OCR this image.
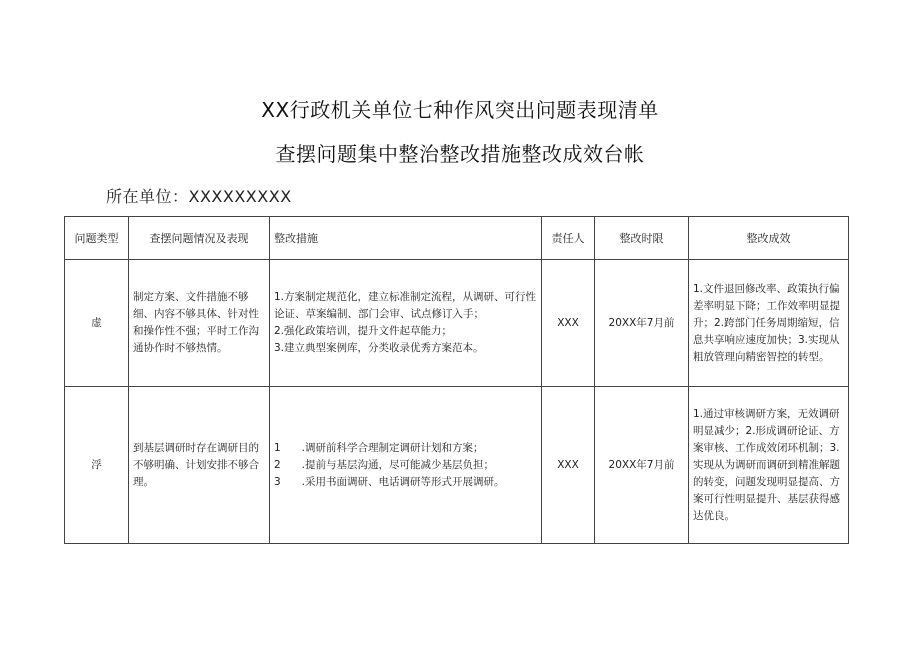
XX行政机关单位七种作风突出问题表现清单
查摆问题集中整治整改措施整改成效台帐
所在单位：XXXXXXXXX
问题类型	查摆问题情况及表现	整改措施	责任人	整改时限	整改成效
虚	制定方案、文件措施不够细、内容不够具体、针对性和操作性不强；平时工作沟通协作时不够热情。	1.方案制定规范化，建立标准制定流程，从调研、可行性论证、草案编制、部门会审、试点修订入手；
2.强化政策培训，提升文件起草能力；
3.建立典型案例库，分类收录优秀方案范本。	XXX	20XX年7月前	1.文件退回修改率、政策执行偏差率明显下降；工作效率明显提升；2.跨部门任务周期缩短，信息共享响应速度加快；3.实现从粗放管理向精密智控的转型。
浮	到基层调研时存在调研目的不够明确、计划安排不够合理。	1　　.调研前科学合理制定调研计划和方案；
2　　.提前与基层沟通，尽可能减少基层负担；
3　　.采用书面调研、电话调研等形式开展调研。	XXX	20XX年7月前	1.通过审核调研方案，无效调研明显减少；2.形成调研论证、方案审核、工作成效闭环机制；3.实现从为调研而调研到精准解题的转变，问题发现明显提高、方案可行性明显提升、基层获得感达优良。
